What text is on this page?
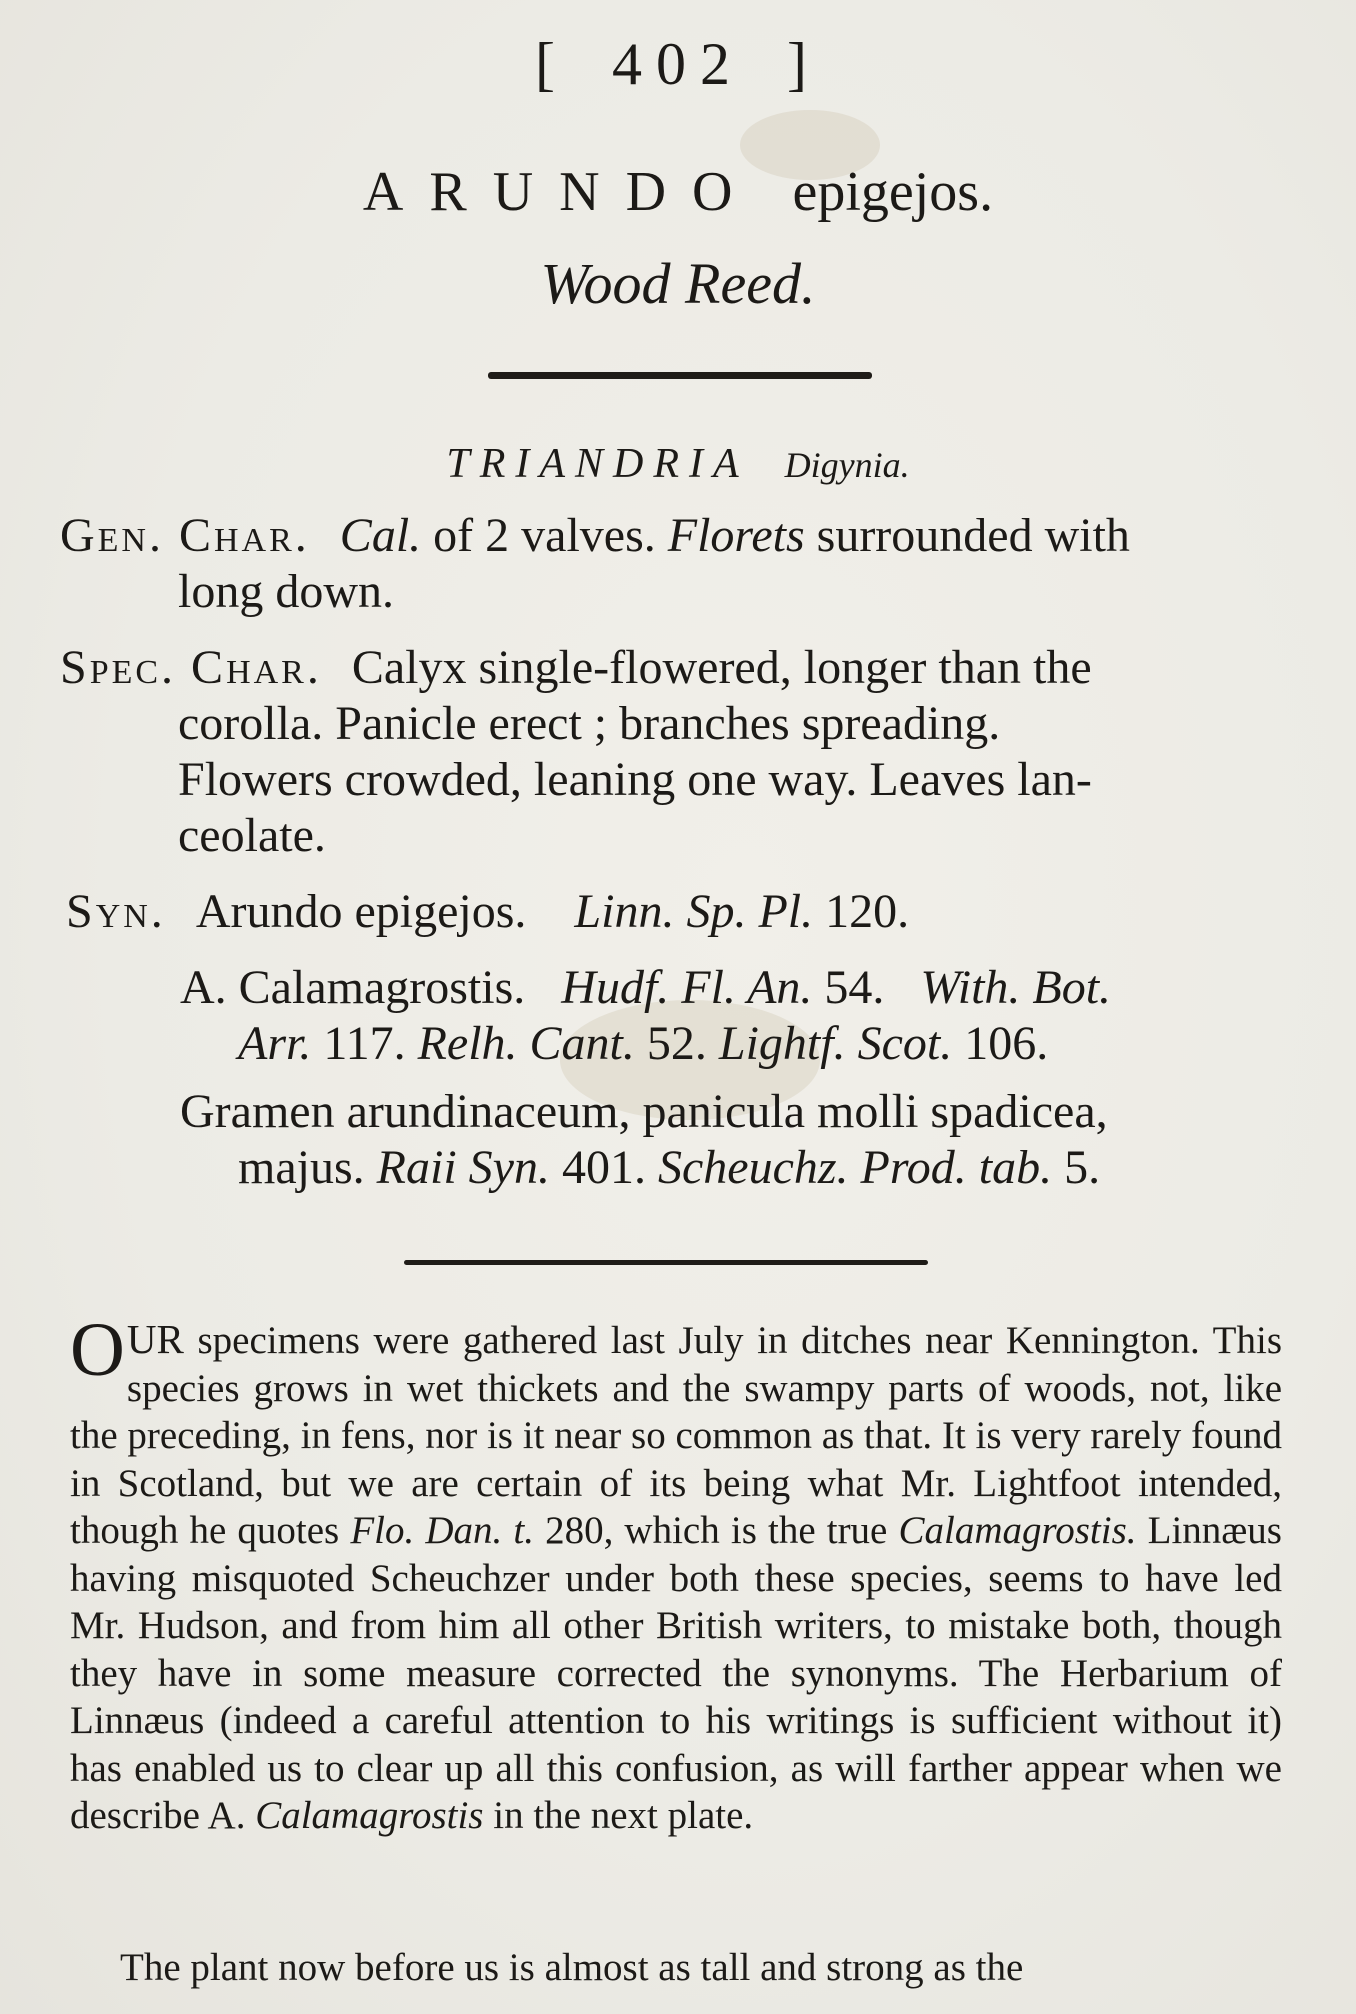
[ 402 ]
ARUNDO epigejos.
Wood Reed.
TRIANDRIA Digynia.
Gen. Char. Cal. of 2 valves. Florets surrounded with
long down.
Spec. Char. Calyx single-flowered, longer than the
corolla. Panicle erect ; branches spreading.
Flowers crowded, leaning one way. Leaves lan-
ceolate.
Syn. Arundo epigejos. Linn. Sp. Pl. 120.
A. Calamagrostis. Hudf. Fl. An. 54. With. Bot.
Arr. 117. Relh. Cant. 52. Lightf. Scot. 106.
Gramen arundinaceum, panicula molli spadicea,
majus. Raii Syn. 401. Scheuchz. Prod. tab. 5.
OUR specimens were gathered last July in ditches near Kennington. This species grows in wet thickets and the swampy parts of woods, not, like the preceding, in fens, nor is it near so common as that. It is very rarely found in Scotland, but we are certain of its being what Mr. Lightfoot intended, though he quotes Flo. Dan. t. 280, which is the true Calamagrostis. Linnæus having misquoted Scheuchzer under both these species, seems to have led Mr. Hudson, and from him all other British writers, to mistake both, though they have in some measure corrected the synonyms. The Herbarium of Linnæus (indeed a careful attention to his writings is sufficient without it) has enabled us to clear up all this confusion, as will farther appear when we describe A. Calamagrostis in the next plate.
The plant now before us is almost as tall and strong as the
